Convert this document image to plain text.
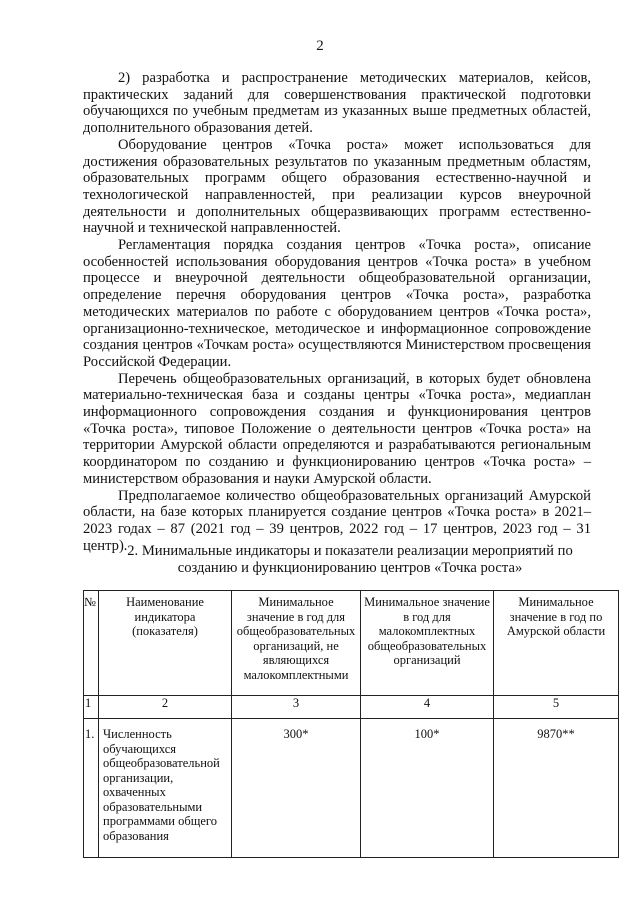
2

2) разработка и распространение методических материалов, кейсов, практических заданий для совершенствования практической подготовки обучающихся по учебным предметам из указанных выше предметных областей, дополнительного образования детей.

Оборудование центров «Точка роста» может использоваться для достижения образовательных результатов по указанным предметным областям, образовательных программ общего образования естественно-научной и технологической направленностей, при реализации курсов внеурочной деятельности и дополнительных общеразвивающих программ естественно-научной и технической направленностей.

Регламентация порядка создания центров «Точка роста», описание особенностей использования оборудования центров «Точка роста» в учебном процессе и внеурочной деятельности общеобразовательной организации, определение перечня оборудования центров «Точка роста», разработка методических материалов по работе с оборудованием центров «Точка роста», организационно-техническое, методическое и информационное сопровождение создания центров «Точкам роста» осуществляются Министерством просвещения Российской Федерации.

Перечень общеобразовательных организаций, в которых будет обновлена материально-техническая база и созданы центры «Точка роста», медиаплан информационного сопровождения создания и функционирования центров «Точка роста», типовое Положение о деятельности центров «Точка роста» на территории Амурской области определяются и разрабатываются региональным координатором по созданию и функционированию центров «Точка роста» – министерством образования и науки Амурской области.

Предполагаемое количество общеобразовательных организаций Амурской области, на базе которых планируется создание центров «Точка роста» в 2021–2023 годах – 87 (2021 год – 39 центров, 2022 год – 17 центров, 2023 год – 31 центр). 2. Минимальные индикаторы и показатели реализации мероприятий по созданию и функционированию центров «Точка роста»
№	Наименование индикатора (показателя)	Минимальное значение в год для общеобразовательных организаций, не являющихся малокомплектными	Минимальное значение в год для малокомплектных общеобразовательных организаций	Минимальное значение в год по Амурской области
1	2	3	4	5
1.	Численность обучающихся общеобразовательной организации, охваченных образовательными программами общего образования	300*	100*	9870**
